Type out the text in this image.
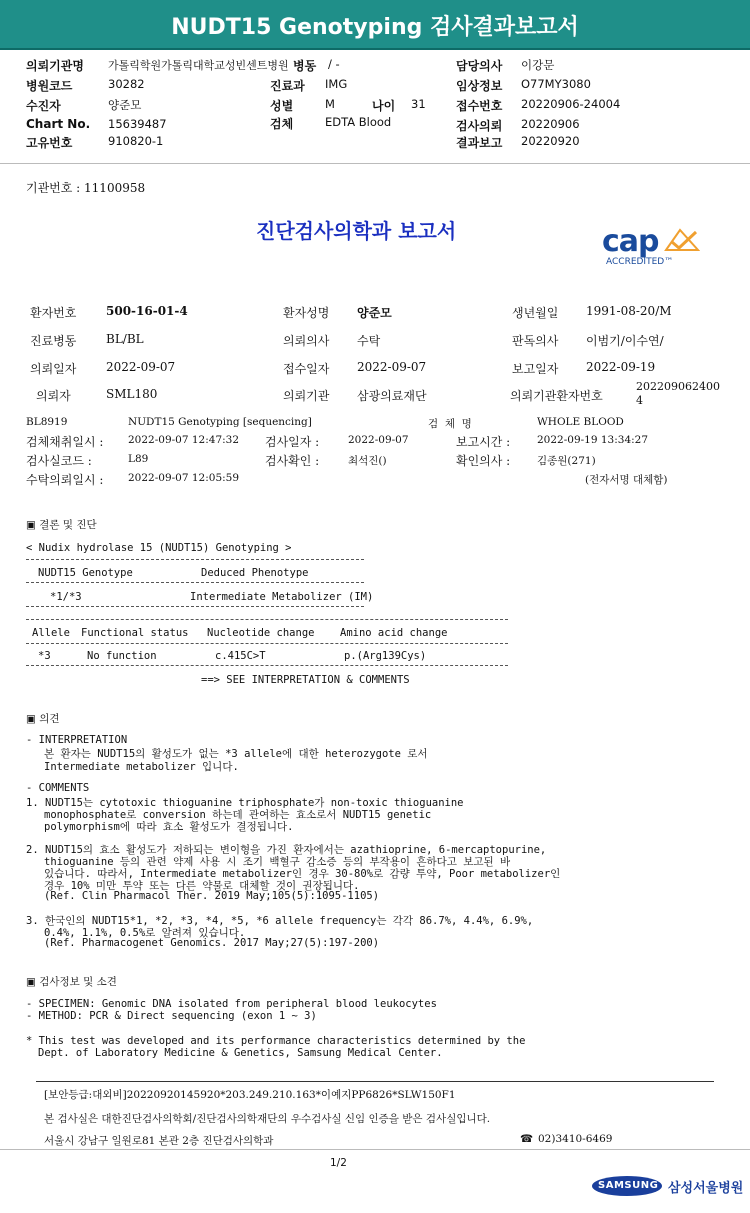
NUDT15 Genotyping 검사결과보고서
의뢰기관명 가톨릭학원가톨릭대학교성빈센트병원 병동 / -	담당의사 이강문
병원코드	30282	진료과 IMG	임상정보 O77MY3080
수진자	양준모	성별	M	나이 31	접수번호 20220906-24004
Chart No. 15639487	검체	EDTA Blood	검사의뢰 20220906
고유번호	910820-1	결과보고 20220920
기관번호 : 11100958
진단검사의학과 보고서	cap
ACCREDITED™
환자번호 500-16-01-4	환자성명 양준모	생년월일 1991-08-20/M
진료병동 BL/BL	의뢰의사 수탁	판독의사 이범기/이수연/
의뢰일자 2022-09-07	접수일자 2022-09-07	보고일자 2022-09-19
의뢰자	SML180	의뢰기관 삼광의료재단	의뢰기관환자번호
202209062400
4
BL8919	NUDT15 Genotyping [sequencing]	검  체  명	WHOLE BLOOD
검체채취일시 : 2022-09-07 12:47:32 검사일자 :	2022-09-07	보고시간 :	2022-09-19 13:34:27
검사실코드 :	L89	검사확인 :	최석진()	확인의사 :	김종원(271)
수탁의뢰일시 : 2022-09-07 12:05:59	(전자서명 대체함)
▣ 결론 및 진단
< Nudix hydrolase 15 (NUDT15) Genotyping >
NUDT15 Genotype	Deduced Phenotype
*1/*3	Intermediate Metabolizer (IM)
Allele Functional status Nucleotide change Amino acid change
*3	No function	c.415C>T	p.(Arg139Cys)
==> SEE INTERPRETATION & COMMENTS
▣ 의견
- INTERPRETATION
본 환자는 NUDT15의 활성도가 없는 *3 allele에 대한 heterozygote 로서
Intermediate metabolizer 입니다.
- COMMENTS
1. NUDT15는 cytotoxic thioguanine triphosphate가 non-toxic thioguanine
monophosphate로 conversion 하는데 관여하는 효소로서 NUDT15 genetic
polymorphism에 따라 효소 활성도가 결정됩니다.
2. NUDT15의 효소 활성도가 저하되는 변이형을 가진 환자에서는 azathioprine, 6-mercaptopurine,
thioguanine 등의 관련 약제 사용 시 조기 백혈구 감소증 등의 부작용이 흔하다고 보고된 바
있습니다. 따라서, Intermediate metabolizer인 경우 30-80%로 감량 투약, Poor metabolizer인
경우 10% 미만 투약 또는 다른 약물로 대체할 것이 권장됩니다.
(Ref. Clin Pharmacol Ther. 2019 May;105(5):1095-1105)
3. 한국인의 NUDT15*1, *2, *3, *4, *5, *6 allele frequency는 각각 86.7%, 4.4%, 6.9%,
0.4%, 1.1%, 0.5%로 알려져 있습니다.
(Ref. Pharmacogenet Genomics. 2017 May;27(5):197-200)
▣ 검사정보 및 소견
- SPECIMEN: Genomic DNA isolated from peripheral blood leukocytes
- METHOD: PCR & Direct sequencing (exon 1 ~ 3)
* This test was developed and its performance characteristics determined by the
Dept. of Laboratory Medicine & Genetics, Samsung Medical Center.
[보안등급:대외비]20220920145920*203.249.210.163*이예지PP6826*SLW150F1
본 검사실은 대한진단검사의학회/진단검사의학재단의 우수검사실 신임 인증을 받은 검사실입니다.
서울시 강남구 일원로81 본관 2층 진단검사의학과	☎ 02)3410-6469
1/2
SAMSUNG 삼성서울병원
